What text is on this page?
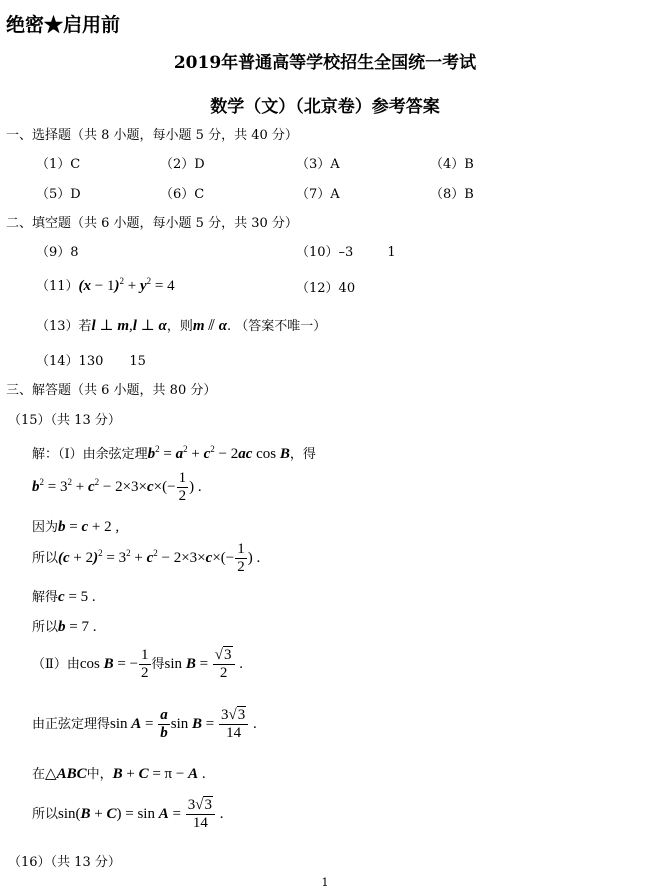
绝密★启用前
2019年普通高等学校招生全国统一考试
数学（文）（北京卷）参考答案
一、选择题（共 8 小题，每小题 5 分，共 40 分）
（1）C	（2）D	（3）A	（4）B
（5）D	（6）C	（7）A	（8）B
二、填空题（共 6 小题，每小题 5 分，共 30 分）
（9）8	（10）–3	1
$(11)(x - 1)^2 + y^2 = 4$	（12）40
（13）若l ⊥ m,l ⊥ α，则m ⫽ α. （答案不唯一）
（14）130 15
三、解答题（共 6 小题，共 80 分）
（15）（共 13 分）
解：（Ⅰ）由余弦定理$b^2 = a^2 + c^2 - 2ac$ cos B，得
$b^2 = 3^2 + c^2 - 2\times 3\times c\times(- \frac{1}{2}$ ) .
因为b = c + 2 ,
所以$(c + 2)^2 = 3^2 + c^2 - 2\times 3\times c\times(- \frac{1}{2}$ ) .
解得c = 5 .
所以b = 7 .
（Ⅱ）由cos B = − $\frac{1}{2}$ 得$\sin B = \frac{√3}{2}$ .
由正弦定理得$\sin A = \frac{a}{b}$ $\sin B = \frac{3√3}{14}$ .
在△ABC中，B + C = π − A .
所以$\sin(B + C) = \sin A = \frac{3√3}{14}$ .
（16）（共 13 分）
1
